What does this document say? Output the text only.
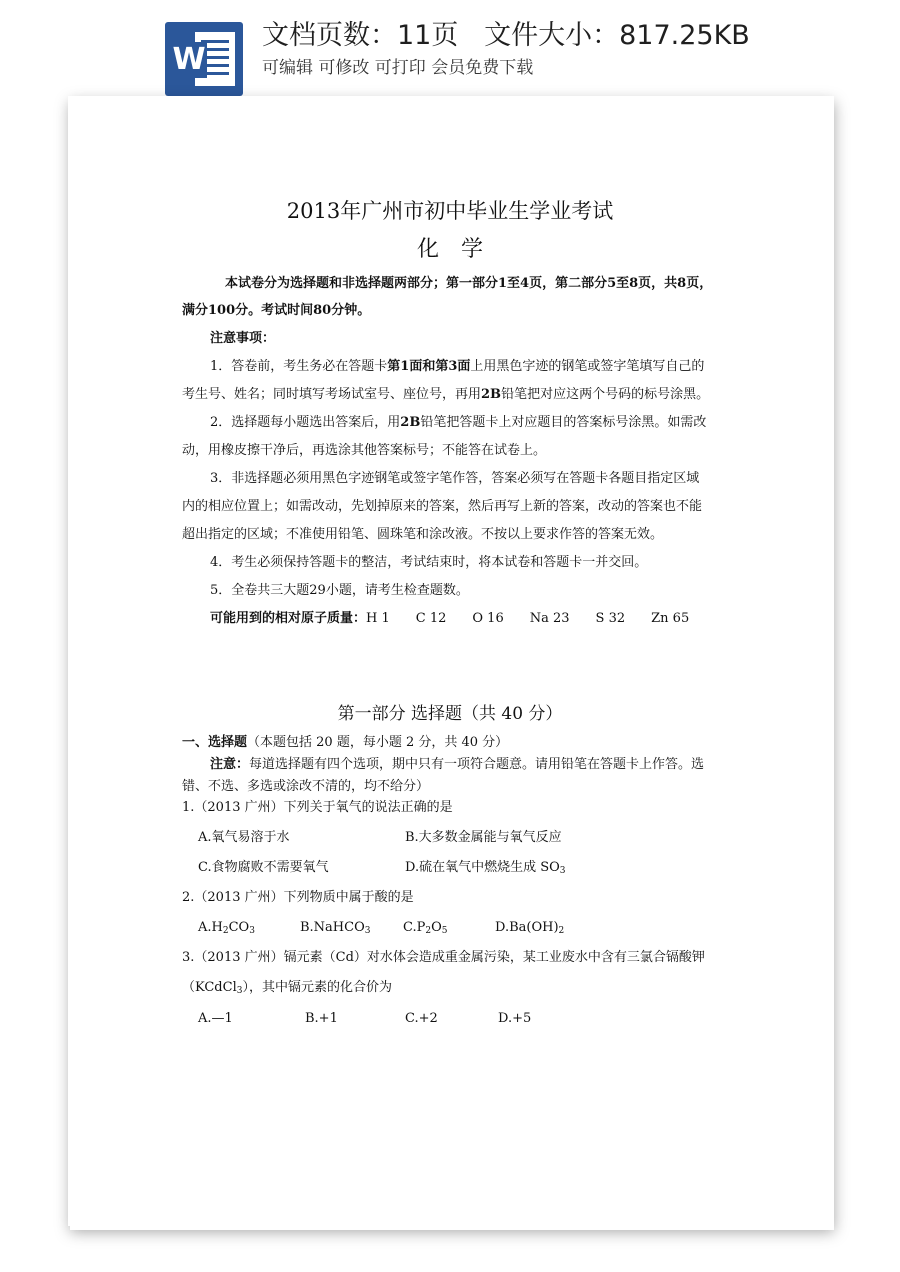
W
文档页数：11页   文件大小：817.25KB
可编辑 可修改 可打印 会员免费下载
2013年广州市初中毕业生学业考试
化学
本试卷分为选择题和非选择题两部分；第一部分1至4页，第二部分5至8页，共8页，
满分100分。考试时间80分钟。
注意事项：
1．答卷前，考生务必在答题卡第1面和第3面上用黑色字迹的钢笔或签字笔填写自己的
考生号、姓名；同时填写考场试室号、座位号，再用2B铅笔把对应这两个号码的标号涂黑。
2．选择题每小题选出答案后，用2B铅笔把答题卡上对应题目的答案标号涂黑。如需改
动，用橡皮擦干净后，再选涂其他答案标号；不能答在试卷上。
3．非选择题必须用黑色字迹钢笔或签字笔作答，答案必须写在答题卡各题目指定区域
内的相应位置上；如需改动，先划掉原来的答案，然后再写上新的答案，改动的答案也不能
超出指定的区域；不准使用铅笔、圆珠笔和涂改液。不按以上要求作答的答案无效。
4．考生必须保持答题卡的整洁，考试结束时，将本试卷和答题卡一并交回。
5．全卷共三大题29小题，请考生检查题数。
可能用到的相对原子质量：H 1 C 12 O 16 Na 23 S 32 Zn 65
第一部分 选择题（共 40 分）
一、选择题（本题包括 20 题，每小题 2 分，共 40 分）
注意：每道选择题有四个选项，期中只有一项符合题意。请用铅笔在答题卡上作答。选
错、不选、多选或涂改不清的，均不给分）
1.（2013 广州）下列关于氧气的说法正确的是
A.氧气易溶于水	B.大多数金属能与氧气反应
C.食物腐败不需要氧气	D.硫在氧气中燃烧生成 $SO_3$
2.（2013 广州）下列物质中属于酸的是
$A.H_2CO_3$	B.NaHCO$_3$	$C.P_2O_5$	$D.Ba(OH)_2$
3.（2013 广州）镉元素（Cd）对水体会造成重金属污染，某工业废水中含有三氯合镉酸钾
（KCdCl$_3$），其中镉元素的化合价为
A.—1	B.+1	C.+2	D.+5
